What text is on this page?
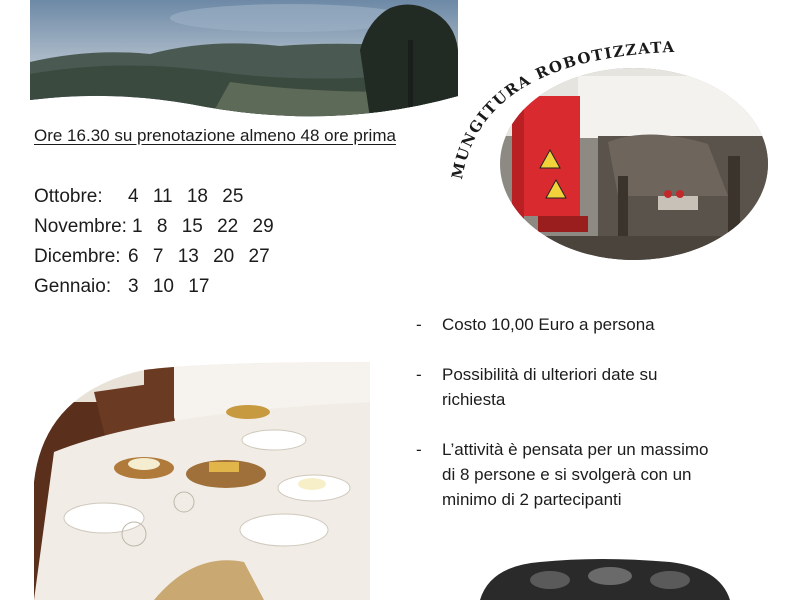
Ore 16.30 su prenotazione almeno 48 ore prima
Ottobre:	4 11 18 25
Novembre: 1 8 15 22 29
Dicembre: 6 7 13 20 27
Gennaio: 3 10 17
MUNGITURA ROBOTIZZATA
-	Costo 10,00 Euro a persona
-	Possibilità di ulteriori date su richiesta
-	L’attività è pensata per un massimo di 8 persone e si svolgerà con un minimo di 2 partecipanti
